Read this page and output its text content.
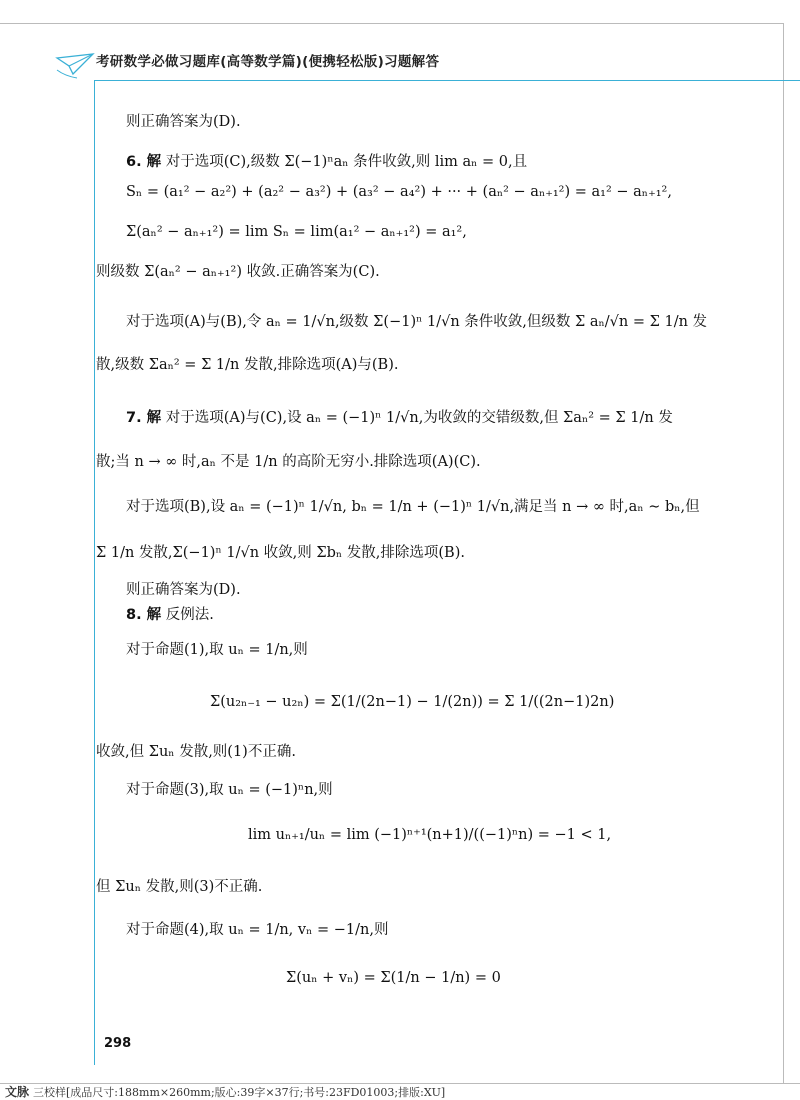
考研数学必做习题库(高等数学篇)(便携轻松版)习题解答
则正确答案为(D).
6. 解 对于选项(C),级数 Σ(−1)ⁿaₙ 条件收敛,则 lim aₙ = 0,且
Sₙ = (a₁² − a₂²) + (a₂² − a₃²) + (a₃² − a₄²) + ··· + (aₙ² − aₙ₊₁²) = a₁² − aₙ₊₁²,
Σ(aₙ² − aₙ₊₁²) = lim Sₙ = lim(a₁² − aₙ₊₁²) = a₁²,
则级数 Σ(aₙ² − aₙ₊₁²) 收敛.正确答案为(C).
对于选项(A)与(B),令 aₙ = 1/√n,级数 Σ(−1)ⁿ 1/√n 条件收敛,但级数 Σ aₙ/√n = Σ 1/n 发
散,级数 Σaₙ² = Σ 1/n 发散,排除选项(A)与(B).
7. 解 对于选项(A)与(C),设 aₙ = (−1)ⁿ 1/√n,为收敛的交错级数,但 Σaₙ² = Σ 1/n 发
散;当 n → ∞ 时,aₙ 不是 1/n 的高阶无穷小.排除选项(A)(C).
对于选项(B),设 aₙ = (−1)ⁿ 1/√n, bₙ = 1/n + (−1)ⁿ 1/√n,满足当 n → ∞ 时,aₙ ∼ bₙ,但
Σ 1/n 发散,Σ(−1)ⁿ 1/√n 收敛,则 Σbₙ 发散,排除选项(B).
则正确答案为(D).
8. 解 反例法.
对于命题(1),取 uₙ = 1/n,则
Σ(u₂ₙ₋₁ − u₂ₙ) = Σ(1/(2n−1) − 1/(2n)) = Σ 1/((2n−1)2n)
收敛,但 Σuₙ 发散,则(1)不正确.
对于命题(3),取 uₙ = (−1)ⁿn,则
lim uₙ₊₁/uₙ = lim (−1)ⁿ⁺¹(n+1)/((−1)ⁿn) = −1 < 1,
但 Σuₙ 发散,则(3)不正确.
对于命题(4),取 uₙ = 1/n, vₙ = −1/n,则
Σ(uₙ + vₙ) = Σ(1/n − 1/n) = 0
298
文脉 三校样[成品尺寸:188mm×260mm;版心:39字×37行;书号:23FD01003;排版:XU]
